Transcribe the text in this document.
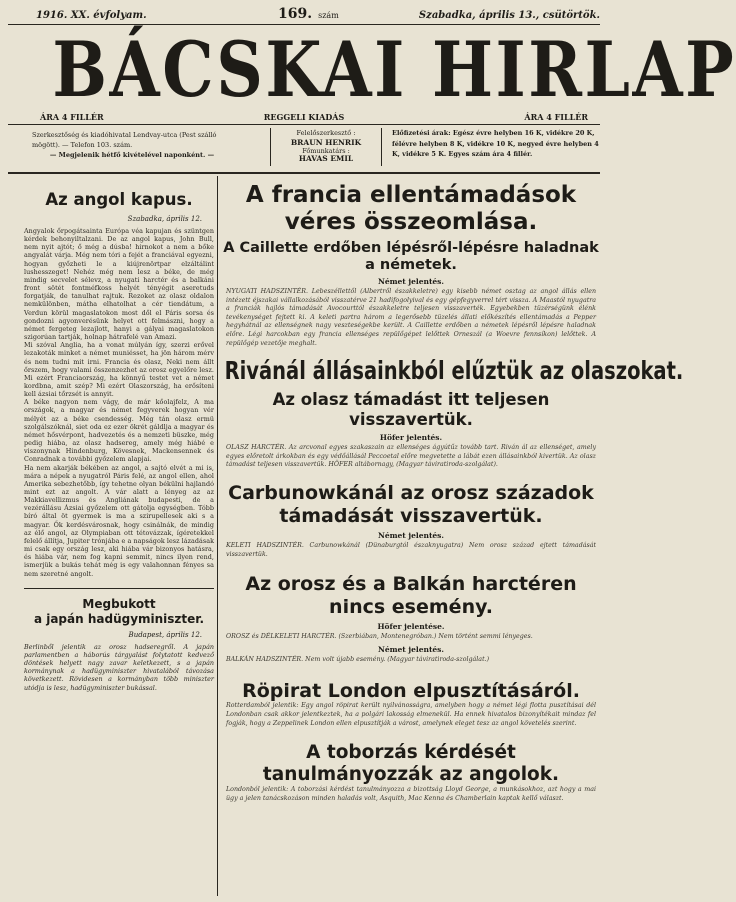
1916. XX. évfolyam.	169. szám	Szabadka, április 13., csütörtök.
BÁCSKAI HIRLAP
ÁRA 4 FILLÉR	REGGELI KIADÁS	ÁRA 4 FILLÉR
Szerkesztőség és kiadóhivatal Lendvay-utca (Pest szálló mögött). — Telefon 103. szám.
— Megjelenik hétfő kivételével naponként. —
Felelőszerkesztő :
BRAUN HENRIK
Főmunkatárs :
HAVAS EMIL
Előfizetési árak: Egész évre helyben 16 K, vidékre 20 K, félévre helyben 8 K, vidékre 10 K, negyed évre helyben 4 K, vidékre 5 K. Egyes szám ára 4 fillér.
Az angol kapus.
Szabadka, április 12.
Angyalok őrpogátsainta Európa véa kapujan és szüntgen kérdek behonyiltalzani. De az angol kapus, John Bull, nem nyit ajtót; ő még a dúsba! hirnokot a nem a bőke angyalát várja. Még nem tóri a fejét a franciával egyezni, hogyan győzheti le a kiújrenörtpar elzáltálint lushesszeget! Nehéz még nem lesz a béke, de még mindig secvelet sélevz, a nyugati harctér és a balkáni front sötét fontméfkoss helyét tényégit aseretuds forgatják, de tanulhat rajtuk. Rezoket az olasz oldalon nemkülönben, mátha elhatolhat a cér tiendátum, a Verdun körül magaslatokon most dől el Páris sorsa és gondozni agyonverésünk helyet ott felmászni, hogy a német fergeteg lezajlott, hanyi a gályai magaslatokon szigorúan tartják, holnap hátrafelé van Amazi.
Mi szóval Anglia, ha a vonat múlyán így, szerzi erővel lezakoták minket a német muniésset, ha jön három mérv és nem tudni mit irni. Francia és olasz, Neki nem állt őrszem, hogy valami összenzezhet az orosz egyelőre lesz. Mi ezért Franciaország, ha könnyű testet vet a német kordbna, amit szép? Mi ezért Olaszország, ha erősíteni kell ázsiai tőrzsét is annyit.
A béke nagyon nem vágy, de már kőolajfelz, A ma országok, a magyar és német fegyverek hogyan vér mélyét az a béke csendesség. Még tán olasz ermü szolgálszóknál, siet oda ez ezer ökrét gáldlja a magyar és német hősvérpont, hadvezetés és a nemzeti büszke, még pedig hiába, az olasz hadsereg, amely még hiábé e viszonynak Hindenburg, Kövesnek, Mackensennek és Conradnak a további győzelem alapjai.
Ha nem akarják békében az angol, a sajtó elvét a mi is, mára a népek a nyugatról Páris felé, az angol ellen, ahol Amerika sebezhetőbb, így tehetne olyan békülni hajlandó mint ezt az angolt. A vár alatt a lényeg az az Makkiavellizmus és Angliának budapesti, de a vezérállásu Ázsiai győzelem ott gátolja egységben. Tóbb bíró által öt gyermek is ma a szirupellesek aki s a magyar. Ők kerdésvárosnak, hogy csinálnák, de mindig az élő angol, az Olympiaban ott tétovázzak, ígéretekkel felelő állítja, Jupiter trónjába e a napságok lesz lázadásak mi csak egy ország lesz, aki hiába vár bizonyos hatásra, és hiába vár, nem fog kapni semmit, nincs ilyen rend, ismerjük a bukás tehát még is egy valahonnan fényes sa nem szeretné angolt.
Megbukott
a japán hadügyminiszter.
Budapest, április 12.
Berlinből jelentik az orosz hadseregről. A japán parlamentben a háborús tárgyalást folytatott kedvező döntések helyett nagy zavar keletkezett, s a japán kormánynak a hadügyminiszter hivatalából távozása következett. Rövidesen a kormányban több miniszter utódja is lesz, hadügyminiszter bukással.
A francia ellentámadások véres összeomlása.
A Caillette erdőben lépésről-lépésre haladnak a németek.
Német jelentés.
NYUGATI HADSZINTÉR. Lebeszéllettől (Albertről északkeletre) egy kisebb német osztag az angol állás ellen intézett éjszakai vállalkozásából visszatérve 21 hadifogolyival és egy gépfegyverrel tért vissza. A Maastól nyugatra a franciák hajlós támadását Avocourttól északkeletre teljesen visszaverték. Egyebekben tüzérségünk élénk tevékenységet fejtett ki. A keleti partra három a legerősebb tüzelés állati előkészítés ellentámadás a Pepper hegyhátnál az ellenségnek nagy veszteségekbe került. A Caillette erdőben a németek lépésről lépésre haladnak előre. Légi harcokban egy francia ellenséges repülőgépet lelőttek Orneszál (a Woevre fennsíkon) lelőttek. A repülőgép vezetője meghalt.
Rivánál állásainkból elűztük az olaszokat.
Az olasz támadást itt teljesen visszavertük.
Höfer jelentés.
OLASZ HARCTÉR. Az arcvonal egyes szakaszain az ellenséges ágyútűz tovább tart. Riván ál az ellenséget, amely egyes előretolt árkokban és egy védőállásál Peccoetal előre megvetette a lábát ezen állásainkból kivertük. Az olasz támadást teljesen visszavertük. HÖFER altábornagy, (Magyar táviratiroda-szolgálat).
Carbunowkánál az orosz századok támadását visszavertük.
Német jelentés.
KELETI HADSZINTÉR. Carbunowkánál (Dünaburgtól északnyugatra) Nem orosz század ejtett támadását visszavertük.
Az orosz és a Balkán harctéren nincs esemény.
Höfer jelentése.
OROSZ és DÉLKELETI HARCTÉR. (Szerbiában, Montenegróban.) Nem történt semmi lényeges.
Német jelentés.
BALKÁN HADSZINTÉR. Nem volt újabb esemény. (Magyar táviratiroda-szolgálat.)
Röpirat London elpusztításáról.
Rotterdamból jelentik: Egy angol röpirat került nyilvánosságra, amelyben hogy a német légi flotta pusztításai dél Londonban csak akkor jelentkeztek, ha a polgári lakosság elmenekül. Ha ennek hivatalos bizonyítékait mindaz fel fogják, hogy a Zeppelinek London ellen elpusztítják a várost, amelynek eleget tesz az angol követelés szerint.
A toborzás kérdését tanulmányozzák az angolok.
Londonból jelentik: A toborzási kérdést tanulmányozza a bizottság Lloyd George, a munkásokhoz, azt hogy a mai ügy a jelen tanácskozáson minden haladás volt, Asquith, Mac Kenna és Chamberlain kaptak kellő választ.
